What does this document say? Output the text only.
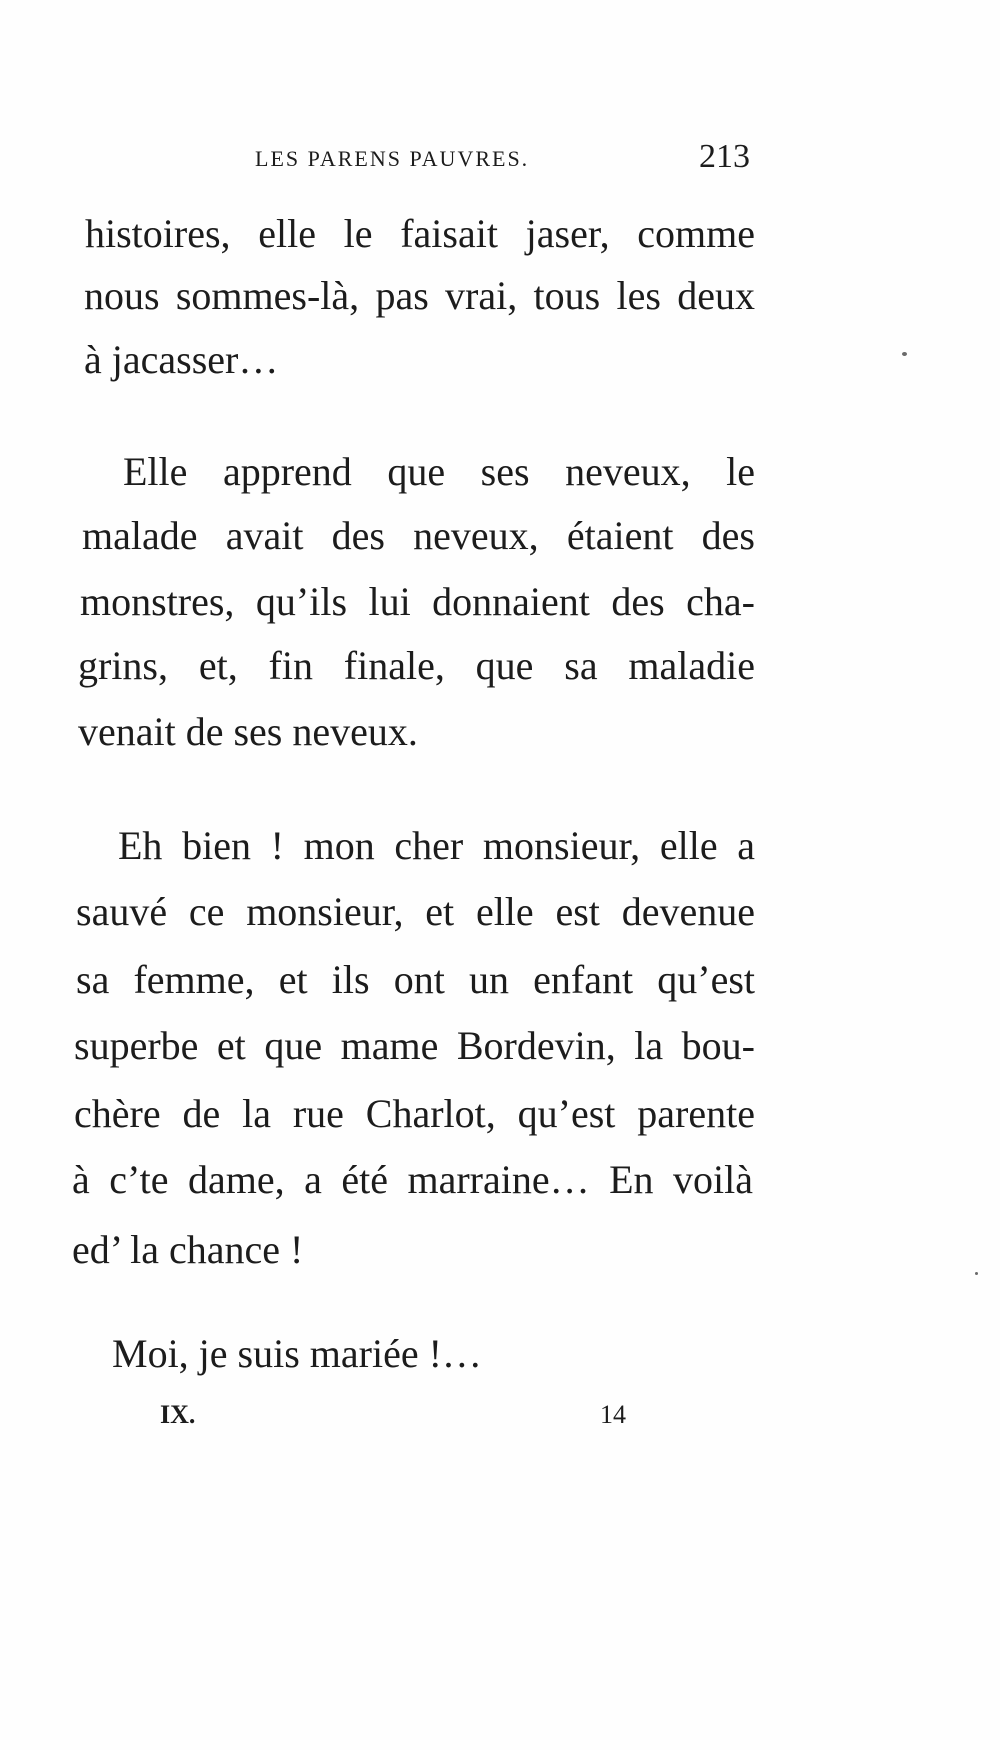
LES PARENS PAUVRES.	213
histoires, elle le faisait jaser, comme
nous sommes-là, pas vrai, tous les deux
à jacasser…
Elle apprend que ses neveux, le
malade avait des neveux, étaient des
monstres, qu’ils lui donnaient des cha-
grins, et, fin finale, que sa maladie
venait de ses neveux.
Eh bien ! mon cher monsieur, elle a
sauvé ce monsieur, et elle est devenue
sa femme, et ils ont un enfant qu’est
superbe et que mame Bordevin, la bou-
chère de la rue Charlot, qu’est parente
à c’te dame, a été marraine… En voilà
ed’ la chance !
Moi, je suis mariée !…
IX.	14
